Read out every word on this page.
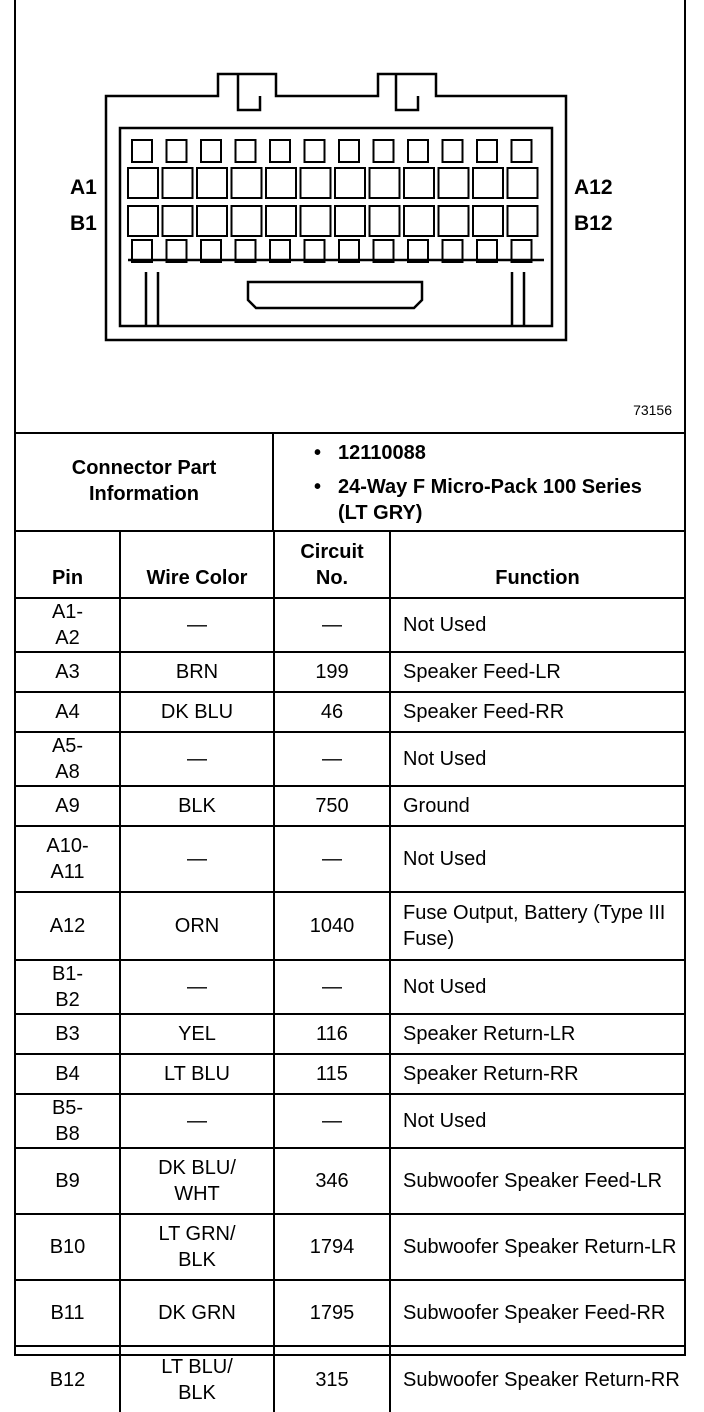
A1
B1
A12
B12
73156
Connector Part Information
• 12110088
• 24-Way F Micro-Pack 100 Series (LT GRY)
Pin	Wire Color	Circuit No.	Function
A1-A2	—	—	Not Used
A3	BRN	199	Speaker Feed-LR
A4	DK BLU	46	Speaker Feed-RR
A5-A8	—	—	Not Used
A9	BLK	750	Ground
A10-A11	—	—	Not Used
A12	ORN	1040	Fuse Output, Battery (Type III Fuse)
B1-B2	—	—	Not Used
B3	YEL	116	Speaker Return-LR
B4	LT BLU	115	Speaker Return-RR
B5-B8	—	—	Not Used
B9	DK BLU/ WHT	346	Subwoofer Speaker Feed-LR
B10	LT GRN/ BLK	1794	Subwoofer Speaker Return-LR
B11	DK GRN	1795	Subwoofer Speaker Feed-RR
B12	LT BLU/ BLK	315	Subwoofer Speaker Return-RR
